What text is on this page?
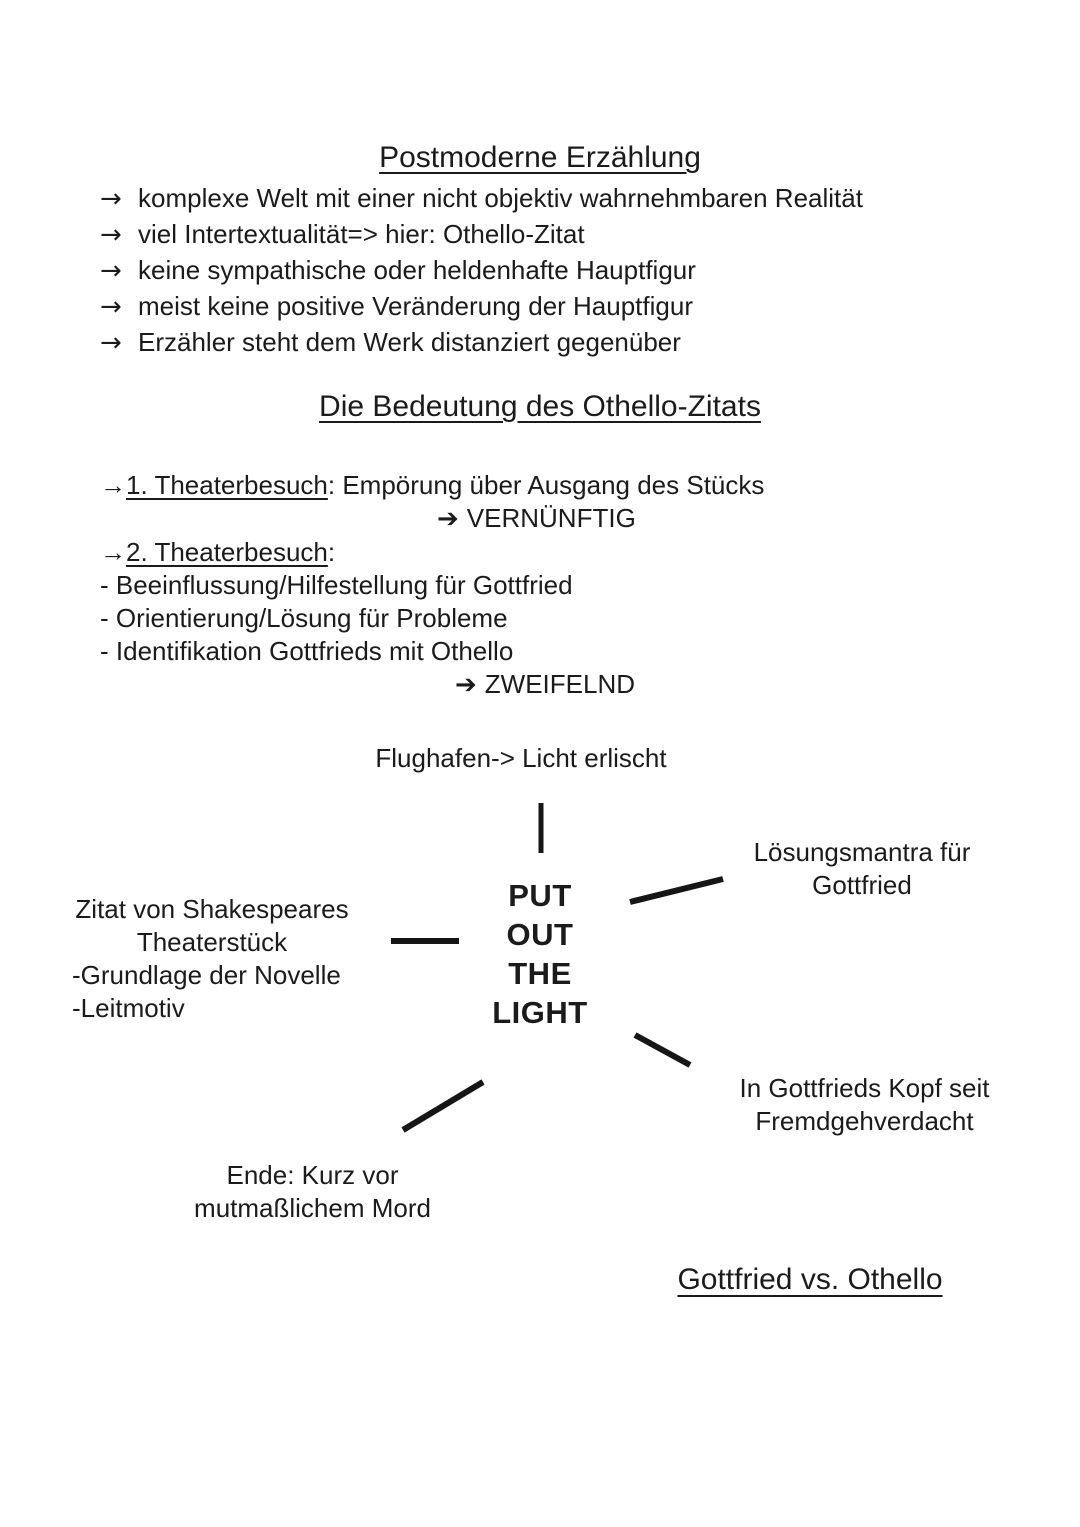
Postmoderne Erzählung
→ komplexe Welt mit einer nicht objektiv wahrnehmbaren Realität
→ viel Intertextualität=> hier: Othello-Zitat
→ keine sympathische oder heldenhafte Hauptfigur
→ meist keine positive Veränderung der Hauptfigur
→ Erzähler steht dem Werk distanziert gegenüber
Die Bedeutung des Othello-Zitats
→1. Theaterbesuch: Empörung über Ausgang des Stücks
➔ VERNÜNFTIG
→2. Theaterbesuch:
- Beeinflussung/Hilfestellung für Gottfried
- Orientierung/Lösung für Probleme
- Identifikation Gottfrieds mit Othello
➔ ZWEIFELND
Flughafen-> Licht erlischt
PUT
OUT
THE
LIGHT
Lösungsmantra für
Gottfried
Zitat von Shakespeares
Theaterstück
-Grundlage der Novelle
-Leitmotiv
In Gottfrieds Kopf seit
Fremdgehverdacht
Ende: Kurz vor
mutmaßlichem Mord
Gottfried vs. Othello
